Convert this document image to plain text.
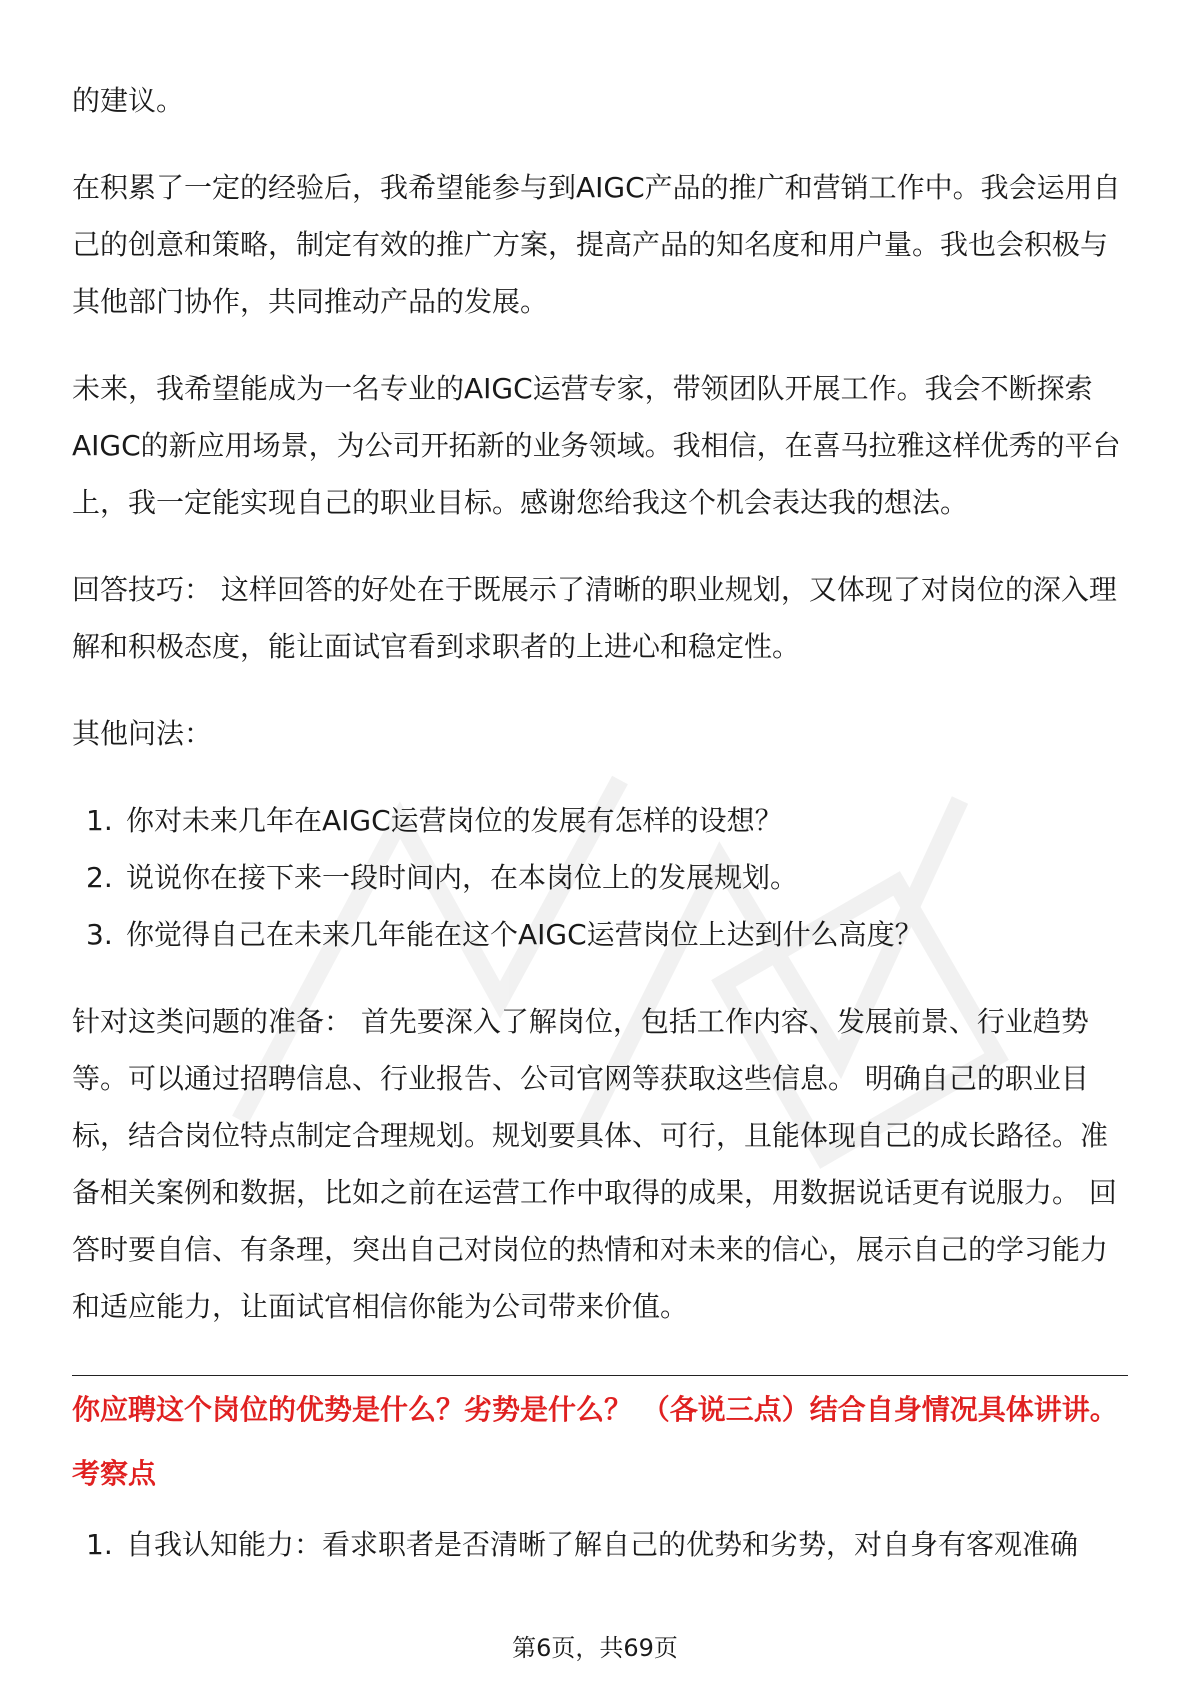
的建议。

在积累了一定的经验后，我希望能参与到AIGC产品的推广和营销工作中。我会运用自己的创意和策略，制定有效的推广方案，提高产品的知名度和用户量。我也会积极与其他部门协作，共同推动产品的发展。

未来，我希望能成为一名专业的AIGC运营专家，带领团队开展工作。我会不断探索AIGC的新应用场景，为公司开拓新的业务领域。我相信，在喜马拉雅这样优秀的平台上，我一定能实现自己的职业目标。感谢您给我这个机会表达我的想法。

回答技巧： 这样回答的好处在于既展示了清晰的职业规划，又体现了对岗位的深入理解和积极态度，能让面试官看到求职者的上进心和稳定性。

其他问法：

1. 你对未来几年在AIGC运营岗位的发展有怎样的设想？
2. 说说你在接下来一段时间内，在本岗位上的发展规划。
3. 你觉得自己在未来几年能在这个AIGC运营岗位上达到什么高度？

针对这类问题的准备： 首先要深入了解岗位，包括工作内容、发展前景、行业趋势等。可以通过招聘信息、行业报告、公司官网等获取这些信息。 明确自己的职业目标，结合岗位特点制定合理规划。规划要具体、可行，且能体现自己的成长路径。准备相关案例和数据，比如之前在运营工作中取得的成果，用数据说话更有说服力。 回答时要自信、有条理，突出自己对岗位的热情和对未来的信心，展示自己的学习能力和适应能力，让面试官相信你能为公司带来价值。

你应聘这个岗位的优势是什么？劣势是什么？ （各说三点）结合自身情况具体讲讲。

考察点

1. 自我认知能力：看求职者是否清晰了解自己的优势和劣势，对自身有客观准确
第6页，共69页
